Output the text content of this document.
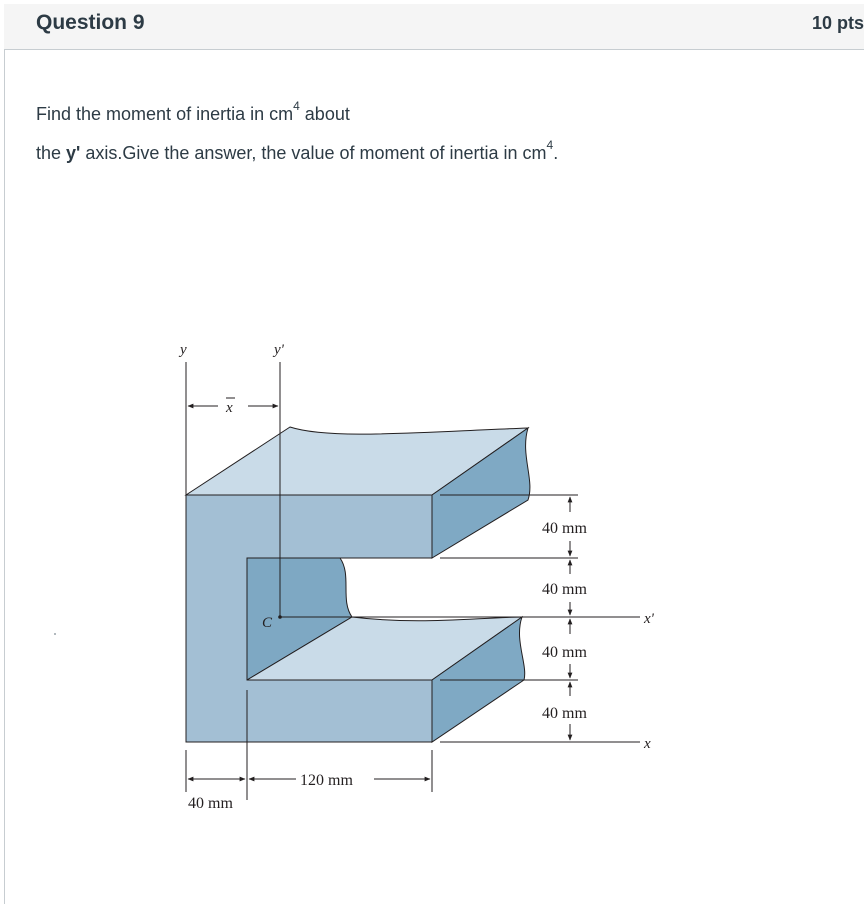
Question 9	10 pts
Find the moment of inertia in $cm^4$ about
the y' axis.Give the answer, the value of moment of inertia in $cm^4$.
y	y'
x
C	x'
x
40 mm
40 mm
40 mm
40 mm
120 mm
40 mm
